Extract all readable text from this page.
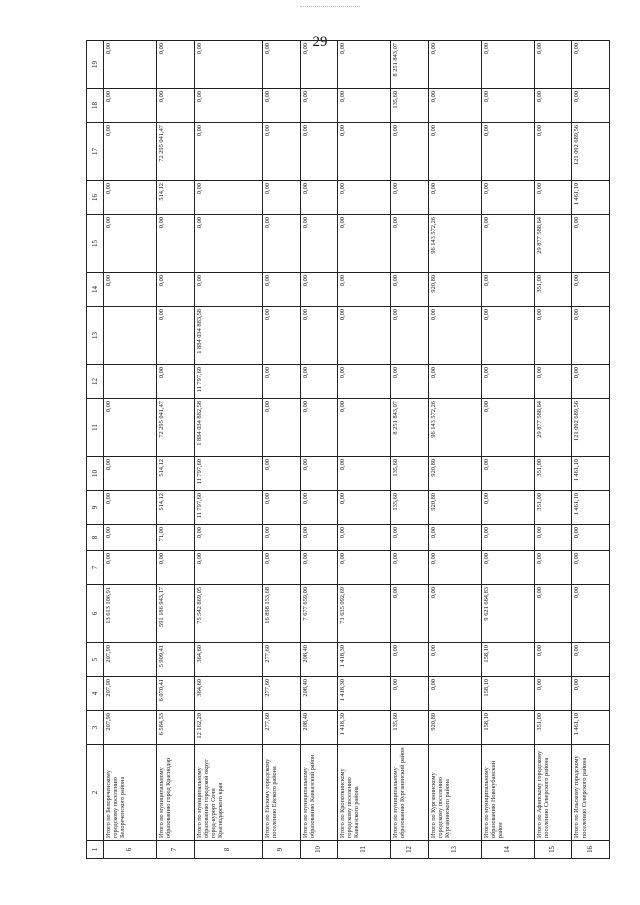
29
1	2	3	4	5	6	7	8	9	10	11	12	13	14	15	16	17	18	19
6	Итого по Белореченскому городскому поселению Белореченского района	207,90	207,90	207,90	13 613 106,91	0,00	0,00	0,00	0,00	0,00			0,00	0,00	0,00	0,00	0,00	0,00
7	Итого по муниципальному образованию город Краснодар	6 584,53	6 070,41	5 909,41	591 186 943,17	0,00	71,00	514,12	514,12	72 295 041,47	0,00	0,00	0,00	0,00	514,12	72 295 041,47	0,00	0,00
8	Итого по муниципальному образованию городской округ город-курорт Сочи Краснодарского края	12 162,20	364,60	364,60	75 542 869,05	0,00	0,00	11 797,60	11 797,60	1 884 034 882,58	11 797,60	1 884 034 883,58	0,00	0,00	0,00	0,00	0,00	0,00
9	Итого по Ейскому городскому поселению Ейского района	277,60	277,60	277,60	16 898 153,68	0,00	0,00	0,00	0,00	0,00	0,00	0,00	0,00	0,00	0,00	0,00	0,00	0,00
10	Итого по муниципальному образованию Кавказский район	208,40	208,40	208,40	7 677 659,00	0,00	0,00	0,00	0,00	0,00	0,00	0,00	0,00	0,00	0,00	0,00	0,00	0,00
11	Итого по Кропоткинскому городскому поселению Кавказского района	1 418,30	1 418,30	1 418,30	71 635 092,69	0,00	0,00	0,00	0,00	0,00	0,00	0,00	0,00	0,00	0,00	0,00	0,00	0,00
12	Итого по муниципальному образованию Курганинский район	135,60	0,00	0,00	0,00	0,00	0,00	135,60	135,60	8 251 843,07	0,00	0,00	0,00	0,00	0,00	0,00	135,60	8 251 843,07
13	Итого по Курганинскому городскому поселению Курганинского района	920,80	0,00	0,00	0,00	0,00	0,00	920,80	920,80	96 143 572,26	0,00	0,00	920,80	96 143 572,26	0,00	0,00	0,00	0,00
14	Итого по муниципальному образованию Новокубанский район	158,10	158,10	158,10	9 621 664,83	0,00	0,00	0,00	0,00	0,00	0,00	0,00	0,00	0,00	0,00	0,00	0,00	0,00
15	Итого по Афипскому городскому поселению Северского района	351,00	0,00	0,00	0,00	0,00	0,00	351,00	351,00	29 877 588,64	0,00	0,00	351,00	29 877 588,64	0,00	0,00	0,00	0,00
16	Итого по Ильскому городскому поселению Северского района	1 461,10	0,00	0,00	0,00	0,00	0,00	1 461,10	1 461,10	121 092 689,56	0,00	0,00	0,00	0,00	1 461,10	121 092 689,56	0,00	0,00
